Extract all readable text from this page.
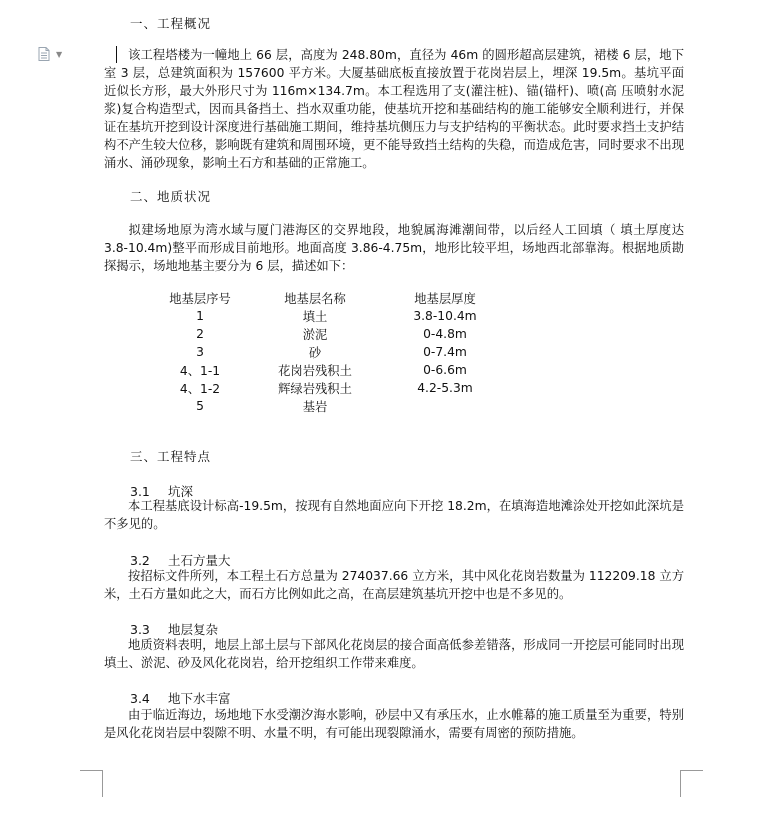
▼
一、工程概况
该工程塔楼为一幢地上 66 层，高度为 248.80m，直径为 46m 的圆形超高层建筑，裙楼 6 层，地下室 3 层，总建筑面积为 157600 平方米。大厦基础底板直接放置于花岗岩层上，埋深 19.5m。基坑平面近似长方形，最大外形尺寸为 116m×134.7m。本工程选用了支(灌注桩)、锚(锚杆)、喷(高 压喷射水泥浆)复合构造型式，因而具备挡土、挡水双重功能，使基坑开挖和基础结构的施工能够安全顺利进行，并保证在基坑开挖到设计深度进行基础施工期间，维持基坑侧压力与支护结构的平衡状态。此时要求挡土支护结构不产生较大位移，影响既有建筑和周围环境，更不能导致挡土结构的失稳，而造成危害，同时要求不出现涌水、涌砂现象，影响土石方和基础的正常施工。
二、地质状况
拟建场地原为湾水域与厦门港海区的交界地段，地貌属海滩潮间带，以后经人工回填（ 填土厚度达 3.8-10.4m)整平而形成目前地形。地面高度 3.86-4.75m，地形比较平坦，场地西北部靠海。根据地质勘探揭示，场地地基主要分为 6 层，描述如下：
地基层序号	地基层名称	地基层厚度
1	填土	3.8-10.4m
2	淤泥	0-4.8m
3	砂	0-7.4m
4、1-1	花岗岩残积土	0-6.6m
4、1-2	辉绿岩残积土	4.2-5.3m
5	基岩	
三、工程特点
3.1 坑深
本工程基底设计标高-19.5m，按现有自然地面应向下开挖 18.2m，在填海造地滩涂处开挖如此深坑是不多见的。
3.2 土石方量大
按招标文件所列，本工程土石方总量为 274037.66 立方米，其中风化花岗岩数量为 112209.18 立方米，土石方量如此之大，而石方比例如此之高，在高层建筑基坑开挖中也是不多见的。
3.3 地层复杂
地质资料表明，地层上部土层与下部风化花岗层的接合面高低参差错落，形成同一开挖层可能同时出现填土、淤泥、砂及风化花岗岩，给开挖组织工作带来难度。
3.4 地下水丰富
由于临近海边，场地地下水受潮汐海水影响，砂层中又有承压水，止水帷幕的施工质量至为重要，特别是风化花岗岩层中裂隙不明、水量不明，有可能出现裂隙涌水，需要有周密的预防措施。
